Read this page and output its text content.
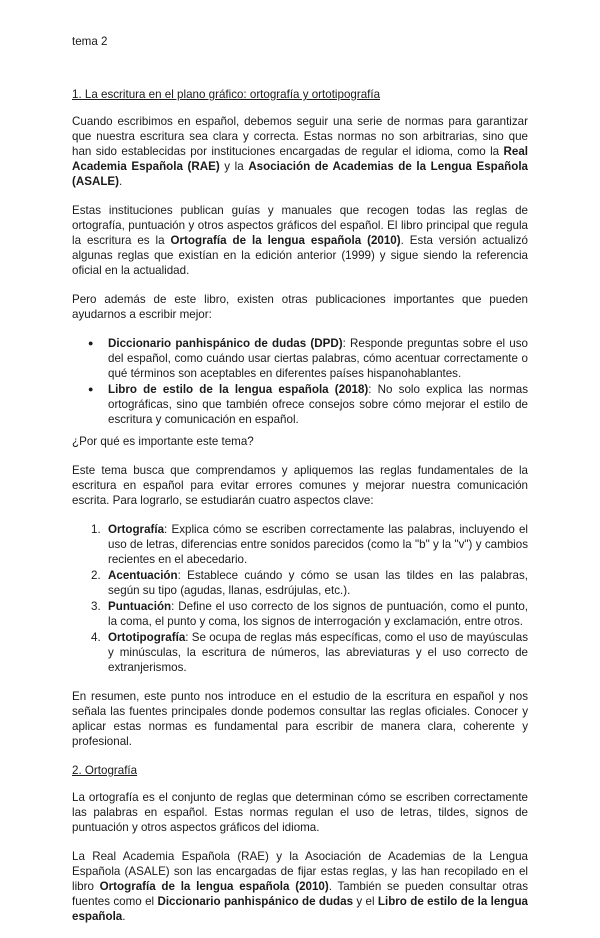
tema 2
1. La escritura en el plano gráfico: ortografía y ortotipografía

Cuando escribimos en español, debemos seguir una serie de normas para garantizar que nuestra escritura sea clara y correcta. Estas normas no son arbitrarias, sino que han sido establecidas por instituciones encargadas de regular el idioma, como la Real Academia Española (RAE) y la Asociación de Academias de la Lengua Española (ASALE).

Estas instituciones publican guías y manuales que recogen todas las reglas de ortografía, puntuación y otros aspectos gráficos del español. El libro principal que regula la escritura es la Ortografía de la lengua española (2010). Esta versión actualizó algunas reglas que existían en la edición anterior (1999) y sigue siendo la referencia oficial en la actualidad.

Pero además de este libro, existen otras publicaciones importantes que pueden ayudarnos a escribir mejor:

● Diccionario panhispánico de dudas (DPD): Responde preguntas sobre el uso del español, como cuándo usar ciertas palabras, cómo acentuar correctamente o qué términos son aceptables en diferentes países hispanohablantes.
● Libro de estilo de la lengua española (2018): No solo explica las normas ortográficas, sino que también ofrece consejos sobre cómo mejorar el estilo de escritura y comunicación en español.

¿Por qué es importante este tema?

Este tema busca que comprendamos y apliquemos las reglas fundamentales de la escritura en español para evitar errores comunes y mejorar nuestra comunicación escrita. Para lograrlo, se estudiarán cuatro aspectos clave:

1. Ortografía: Explica cómo se escriben correctamente las palabras, incluyendo el uso de letras, diferencias entre sonidos parecidos (como la "b" y la "v") y cambios recientes en el abecedario.
2. Acentuación: Establece cuándo y cómo se usan las tildes en las palabras, según su tipo (agudas, llanas, esdrújulas, etc.).
3. Puntuación: Define el uso correcto de los signos de puntuación, como el punto, la coma, el punto y coma, los signos de interrogación y exclamación, entre otros.
4. Ortotipografía: Se ocupa de reglas más específicas, como el uso de mayúsculas y minúsculas, la escritura de números, las abreviaturas y el uso correcto de extranjerismos.

En resumen, este punto nos introduce en el estudio de la escritura en español y nos señala las fuentes principales donde podemos consultar las reglas oficiales. Conocer y aplicar estas normas es fundamental para escribir de manera clara, coherente y profesional.

2. Ortografía

La ortografía es el conjunto de reglas que determinan cómo se escriben correctamente las palabras en español. Estas normas regulan el uso de letras, tildes, signos de puntuación y otros aspectos gráficos del idioma.

La Real Academia Española (RAE) y la Asociación de Academias de la Lengua Española (ASALE) son las encargadas de fijar estas reglas, y las han recopilado en el libro Ortografía de la lengua española (2010). También se pueden consultar otras fuentes como el Diccionario panhispánico de dudas y el Libro de estilo de la lengua española.
